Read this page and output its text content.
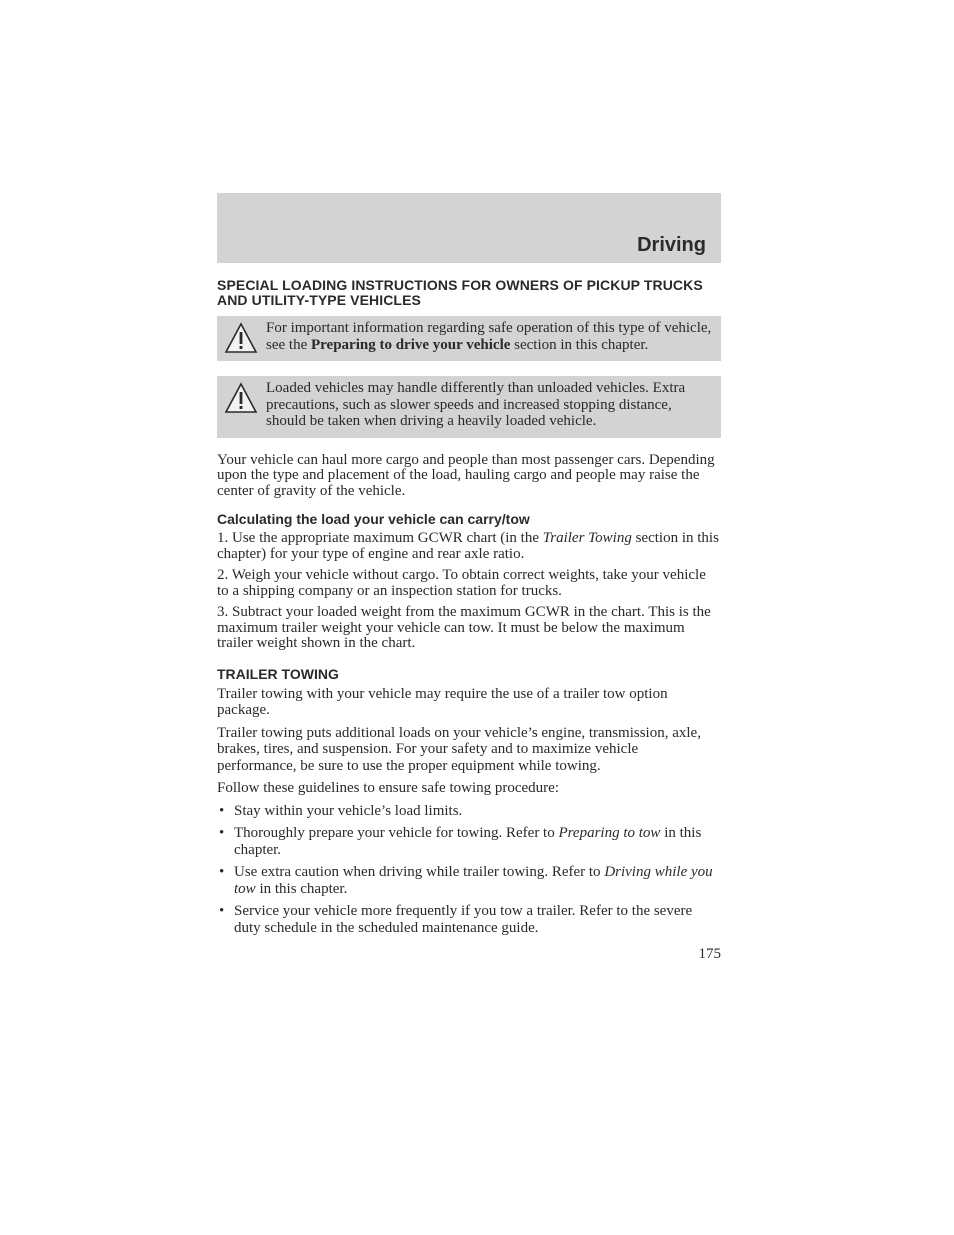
Driving
SPECIAL LOADING INSTRUCTIONS FOR OWNERS OF PICKUP TRUCKS AND UTILITY-TYPE VEHICLES
For important information regarding safe operation of this type of vehicle, see the Preparing to drive your vehicle section in this chapter.
Loaded vehicles may handle differently than unloaded vehicles. Extra precautions, such as slower speeds and increased stopping distance, should be taken when driving a heavily loaded vehicle.

Your vehicle can haul more cargo and people than most passenger cars. Depending upon the type and placement of the load, hauling cargo and people may raise the center of gravity of the vehicle.

Calculating the load your vehicle can carry/tow

1. Use the appropriate maximum GCWR chart (in the Trailer Towing section in this chapter) for your type of engine and rear axle ratio.

2. Weigh your vehicle without cargo. To obtain correct weights, take your vehicle to a shipping company or an inspection station for trucks.

3. Subtract your loaded weight from the maximum GCWR in the chart. This is the maximum trailer weight your vehicle can tow. It must be below the maximum trailer weight shown in the chart.

TRAILER TOWING

Trailer towing with your vehicle may require the use of a trailer tow option package.

Trailer towing puts additional loads on your vehicle’s engine, transmission, axle, brakes, tires, and suspension. For your safety and to maximize vehicle performance, be sure to use the proper equipment while towing.

Follow these guidelines to ensure safe towing procedure:

• Stay within your vehicle’s load limits.
• Thoroughly prepare your vehicle for towing. Refer to Preparing to tow in this chapter.
• Use extra caution when driving while trailer towing. Refer to Driving while you tow in this chapter.
• Service your vehicle more frequently if you tow a trailer. Refer to the severe duty schedule in the scheduled maintenance guide.
175
